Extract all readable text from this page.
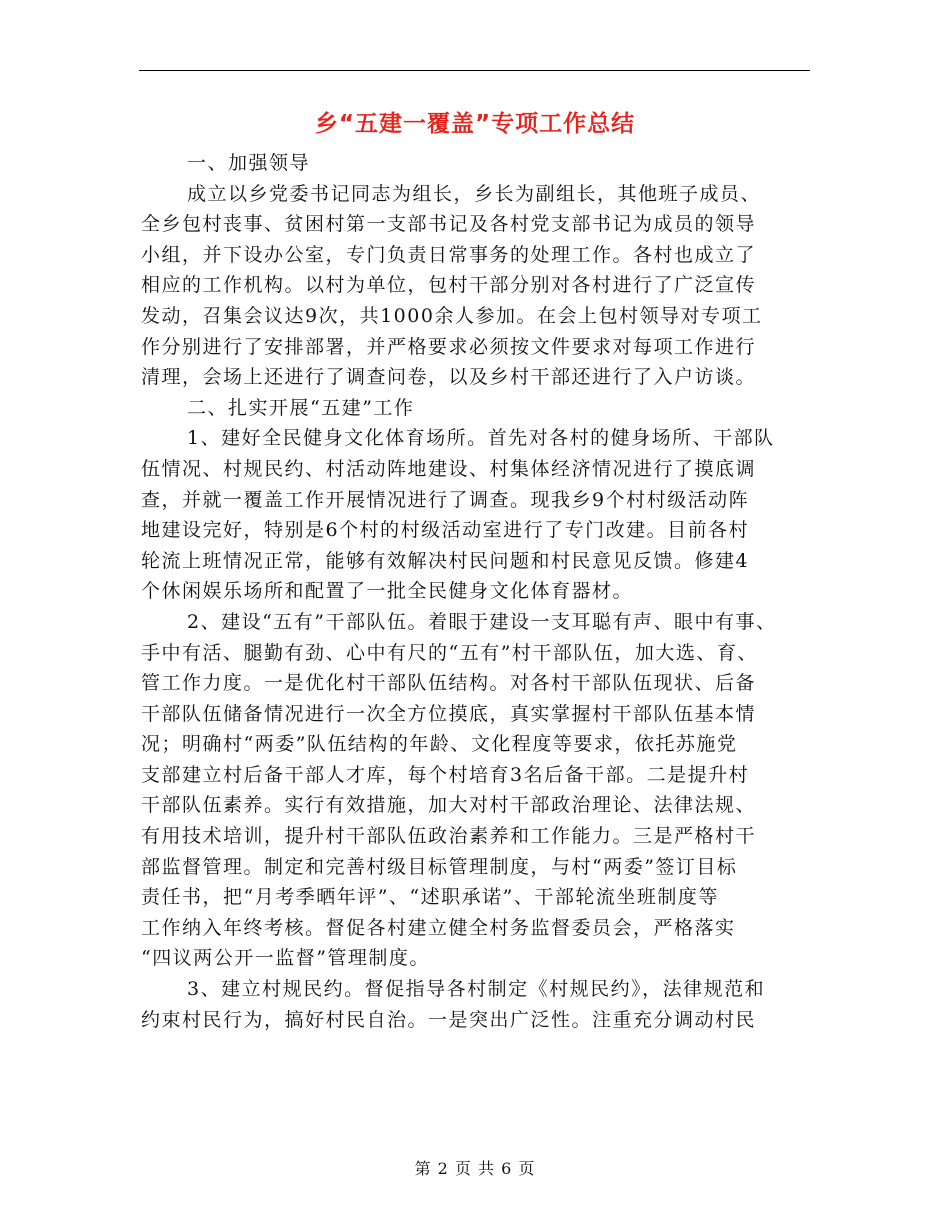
乡“五建一覆盖”专项工作总结
一、加强领导
成立以乡党委书记同志为组长，乡长为副组长，其他班子成员、
全乡包村丧事、贫困村第一支部书记及各村党支部书记为成员的领导
小组，并下设办公室，专门负责日常事务的处理工作。各村也成立了
相应的工作机构。以村为单位，包村干部分别对各村进行了广泛宣传
发动，召集会议达9次，共1000余人参加。在会上包村领导对专项工
作分别进行了安排部署，并严格要求必须按文件要求对每项工作进行
清理，会场上还进行了调查问卷，以及乡村干部还进行了入户访谈。
二、扎实开展“五建”工作
1、建好全民健身文化体育场所。首先对各村的健身场所、干部队
伍情况、村规民约、村活动阵地建设、村集体经济情况进行了摸底调
查，并就一覆盖工作开展情况进行了调查。现我乡9个村村级活动阵
地建设完好，特别是6个村的村级活动室进行了专门改建。目前各村
轮流上班情况正常，能够有效解决村民问题和村民意见反馈。修建4
个休闲娱乐场所和配置了一批全民健身文化体育器材。
2、建设“五有”干部队伍。着眼于建设一支耳聪有声、眼中有事、
手中有活、腿勤有劲、心中有尺的“五有”村干部队伍，加大选、育、
管工作力度。一是优化村干部队伍结构。对各村干部队伍现状、后备
干部队伍储备情况进行一次全方位摸底，真实掌握村干部队伍基本情
况；明确村“两委”队伍结构的年龄、文化程度等要求，依托苏施党
支部建立村后备干部人才库，每个村培育3名后备干部。二是提升村
干部队伍素养。实行有效措施，加大对村干部政治理论、法律法规、
有用技术培训，提升村干部队伍政治素养和工作能力。三是严格村干
部监督管理。制定和完善村级目标管理制度，与村“两委”签订目标
责任书，把“月考季晒年评”、“述职承诺”、干部轮流坐班制度等
工作纳入年终考核。督促各村建立健全村务监督委员会，严格落实
“四议两公开一监督”管理制度。
3、建立村规民约。督促指导各村制定《村规民约》，法律规范和
约束村民行为，搞好村民自治。一是突出广泛性。注重充分调动村民
第 2 页 共 6 页
